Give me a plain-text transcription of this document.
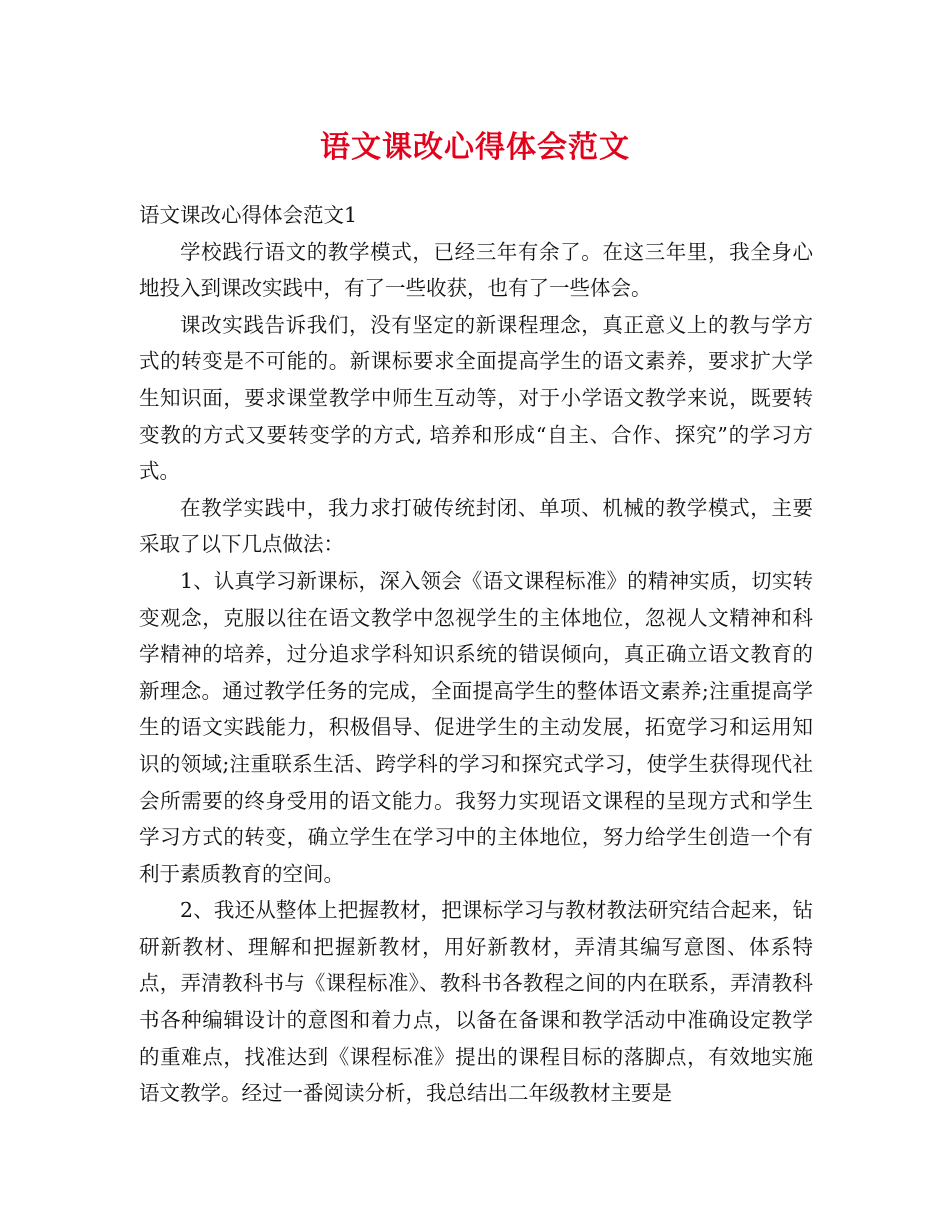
语文课改心得体会范文

语文课改心得体会范文1

学校践行语文的教学模式，已经三年有余了。在这三年里，我全身心地投入到课改实践中，有了一些收获，也有了一些体会。

课改实践告诉我们，没有坚定的新课程理念，真正意义上的教与学方式的转变是不可能的。新课标要求全面提高学生的语文素养，要求扩大学生知识面，要求课堂教学中师生互动等，对于小学语文教学来说，既要转变教的方式又要转变学的方式, 培养和形成“自主、合作、探究”的学习方式。

在教学实践中，我力求打破传统封闭、单项、机械的教学模式，主要采取了以下几点做法：

1、认真学习新课标，深入领会《语文课程标准》的精神实质，切实转变观念，克服以往在语文教学中忽视学生的主体地位，忽视人文精神和科学精神的培养，过分追求学科知识系统的错误倾向，真正确立语文教育的新理念。通过教学任务的完成，全面提高学生的整体语文素养;注重提高学生的语文实践能力，积极倡导、促进学生的主动发展，拓宽学习和运用知识的领域;注重联系生活、跨学科的学习和探究式学习，使学生获得现代社会所需要的终身受用的语文能力。我努力实现语文课程的呈现方式和学生学习方式的转变，确立学生在学习中的主体地位，努力给学生创造一个有利于素质教育的空间。

2、我还从整体上把握教材，把课标学习与教材教法研究结合起来，钻研新教材、理解和把握新教材，用好新教材，弄清其编写意图、体系特点，弄清教科书与《课程标准》、教科书各教程之间的内在联系，弄清教科书各种编辑设计的意图和着力点，以备在备课和教学活动中准确设定教学的重难点，找准达到《课程标准》提出的课程目标的落脚点，有效地实施语文教学。经过一番阅读分析，我总结出二年级教材主要是
